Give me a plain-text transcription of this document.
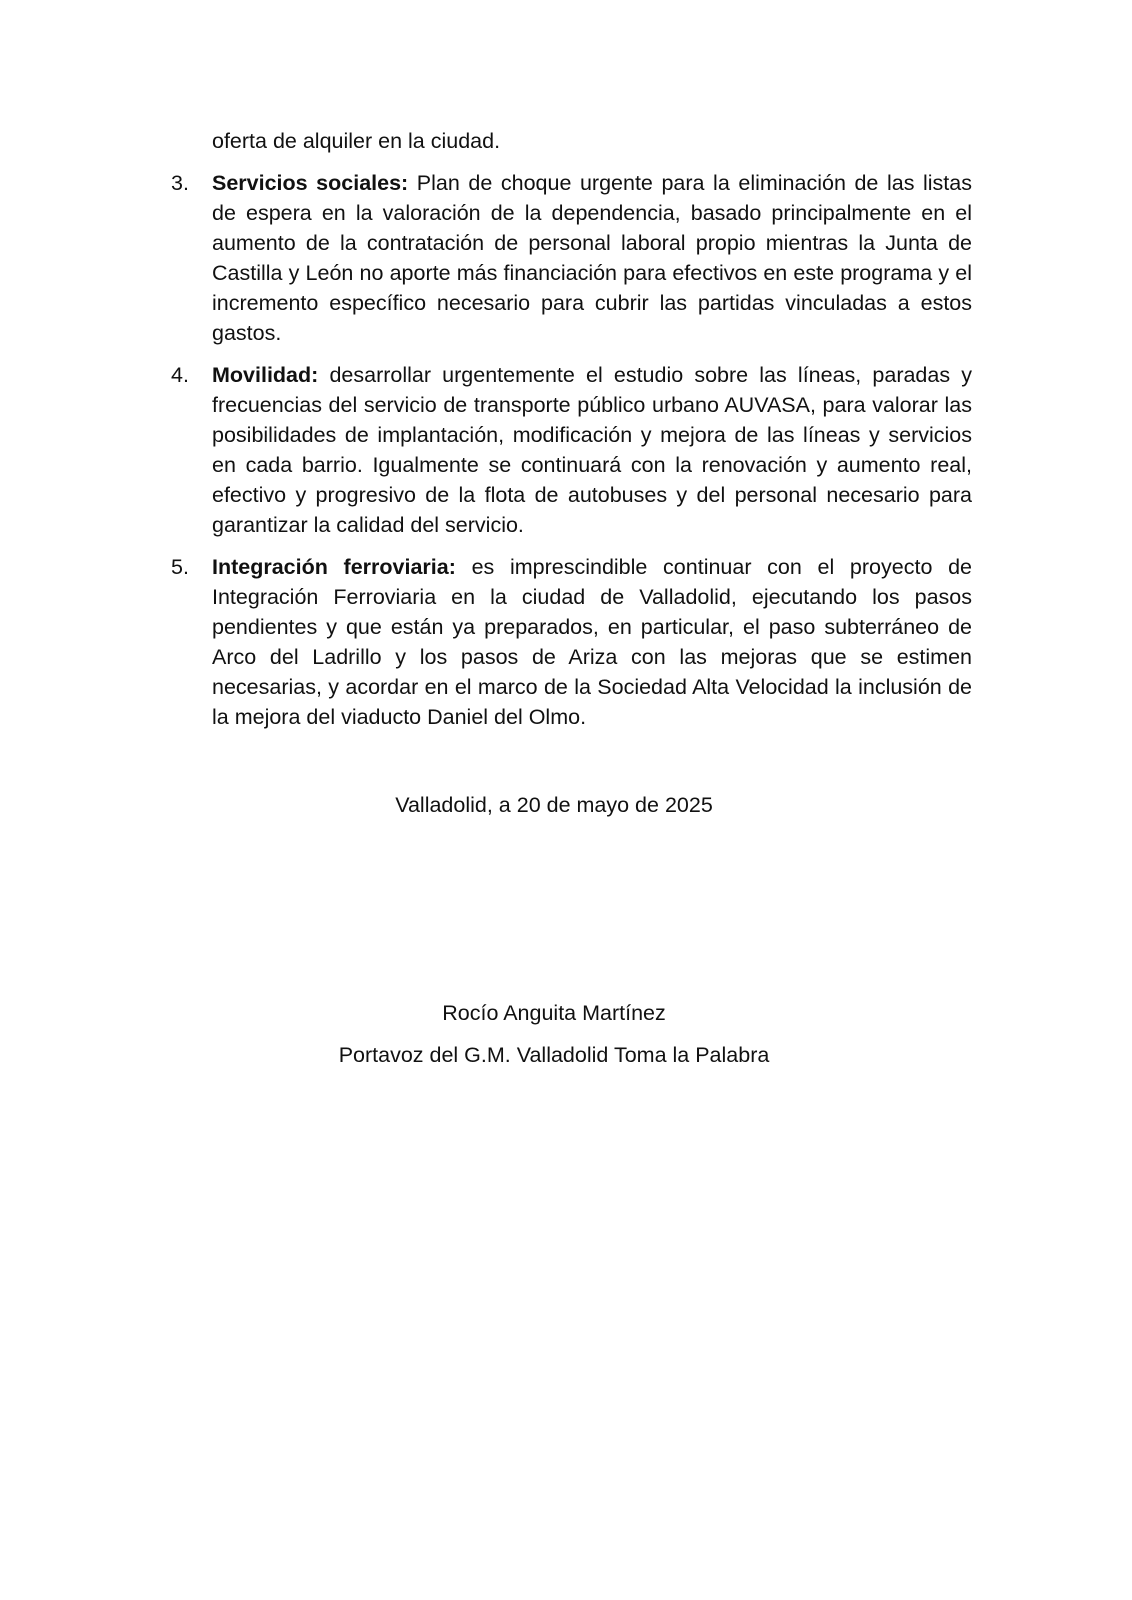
oferta de alquiler en la ciudad.

3. Servicios sociales: Plan de choque urgente para la eliminación de las listas de espera en la valoración de la dependencia, basado principalmente en el aumento de la contratación de personal laboral propio mientras la Junta de Castilla y León no aporte más financiación para efectivos en este programa y el incremento específico necesario para cubrir las partidas vinculadas a estos gastos.
4. Movilidad: desarrollar urgentemente el estudio sobre las líneas, paradas y frecuencias del servicio de transporte público urbano AUVASA, para valorar las posibilidades de implantación, modificación y mejora de las líneas y servicios en cada barrio. Igualmente se continuará con la renovación y aumento real, efectivo y progresivo de la flota de autobuses y del personal necesario para garantizar la calidad del servicio.
5. Integración ferroviaria: es imprescindible continuar con el proyecto de Integración Ferroviaria en la ciudad de Valladolid, ejecutando los pasos pendientes y que están ya preparados, en particular, el paso subterráneo de Arco del Ladrillo y los pasos de Ariza con las mejoras que se estimen necesarias, y acordar en el marco de la Sociedad Alta Velocidad la inclusión de la mejora del viaducto Daniel del Olmo.
Valladolid, a 20 de mayo de 2025
Rocío Anguita Martínez
Portavoz del G.M. Valladolid Toma la Palabra
